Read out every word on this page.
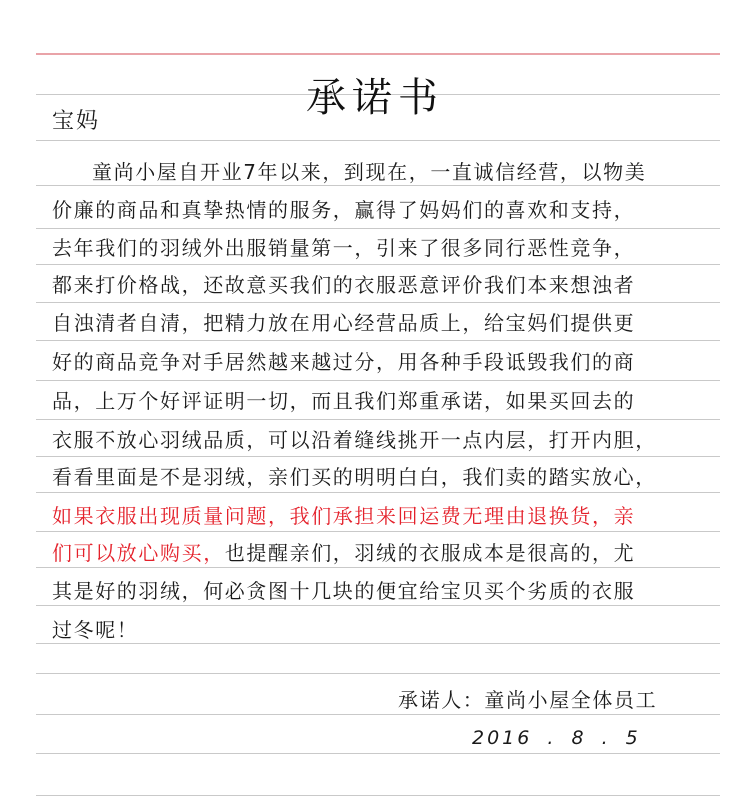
承诺书
宝妈
童尚小屋自开业7年以来，到现在，一直诚信经营，以物美
价廉的商品和真挚热情的服务，赢得了妈妈们的喜欢和支持，
去年我们的羽绒外出服销量第一，引来了很多同行恶性竞争，
都来打价格战，还故意买我们的衣服恶意评价我们本来想浊者
自浊清者自清，把精力放在用心经营品质上，给宝妈们提供更
好的商品竞争对手居然越来越过分，用各种手段诋毁我们的商
品，上万个好评证明一切，而且我们郑重承诺，如果买回去的
衣服不放心羽绒品质，可以沿着缝线挑开一点内层，打开内胆，
看看里面是不是羽绒，亲们买的明明白白，我们卖的踏实放心，
如果衣服出现质量问题，我们承担来回运费无理由退换货，亲
们可以放心购买，也提醒亲们，羽绒的衣服成本是很高的，尤
其是好的羽绒，何必贪图十几块的便宜给宝贝买个劣质的衣服
过冬呢！
承诺人：童尚小屋全体员工
2016 . 8 . 5
